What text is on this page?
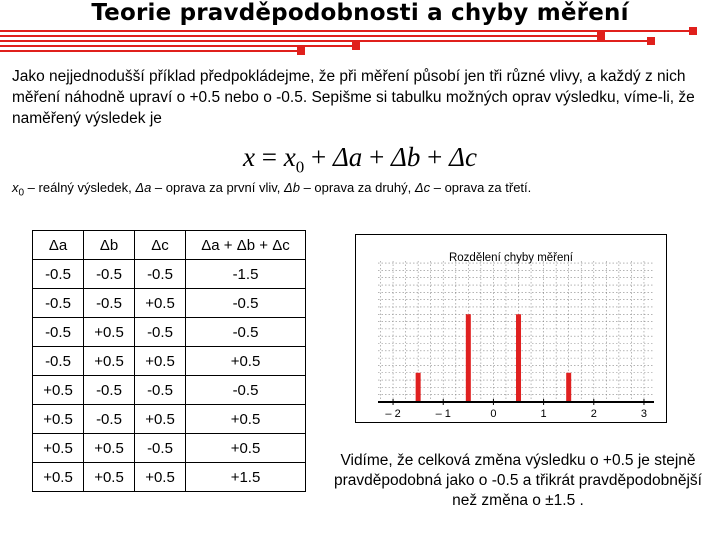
Teorie pravděpodobnosti a chyby měření
Jako nejjednodušší příklad předpokládejme, že při měření působí jen tři různé vlivy, a každý z nich měření náhodně upraví o +0.5 nebo o -0.5. Sepišme si tabulku možných oprav výsledku, víme-li, že naměřený výsledek je
$x = x_0 + \Delta a + \Delta b + \Delta c$
$x_0$ – reálný výsledek, Δa – oprava za první vliv, Δb – oprava za druhý, Δc – oprava za třetí.
Δa	Δb	Δc	Δa + Δb + Δc
-0.5	-0.5	-0.5	-1.5
-0.5	-0.5	+0.5	-0.5
-0.5	+0.5	-0.5	-0.5
-0.5	+0.5	+0.5	+0.5
+0.5	-0.5	-0.5	-0.5
+0.5	-0.5	+0.5	+0.5
+0.5	+0.5	-0.5	+0.5
+0.5	+0.5	+0.5	+1.5
Rozdělení chyby měření
– 2	– 1	0	1	2	3
Vidíme, že celková změna výsledku o +0.5 je stejně pravděpodobná jako o -0.5 a třikrát pravděpodobnější než změna o ±1.5 .
